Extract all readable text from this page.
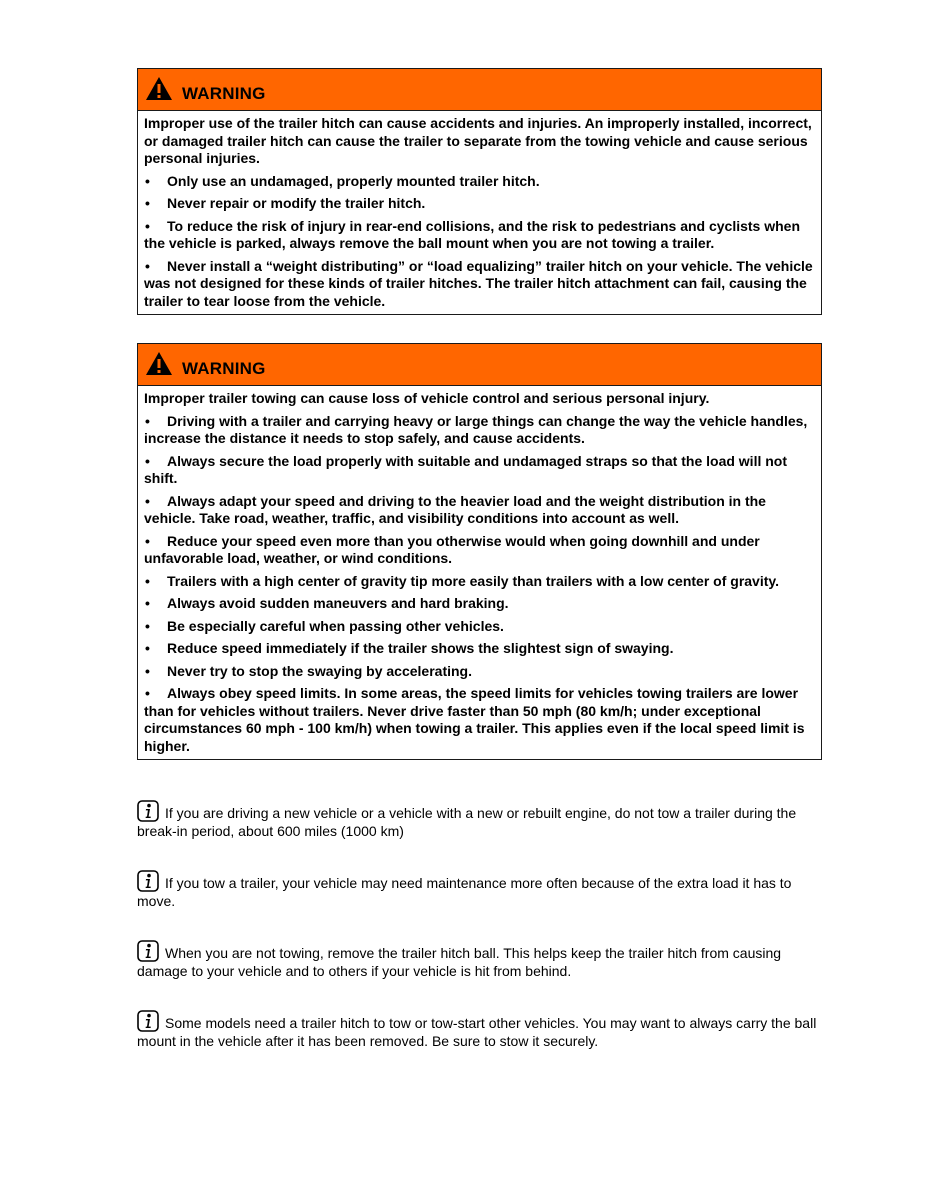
WARNING
Improper use of the trailer hitch can cause accidents and injuries. An improperly installed, incorrect, or damaged trailer hitch can cause the trailer to separate from the towing vehicle and cause serious personal injuries.
• Only use an undamaged, properly mounted trailer hitch.
• Never repair or modify the trailer hitch.
• To reduce the risk of injury in rear-end collisions, and the risk to pedestrians and cyclists when the vehicle is parked, always remove the ball mount when you are not towing a trailer.
• Never install a “weight distributing” or “load equalizing” trailer hitch on your vehicle. The vehicle was not designed for these kinds of trailer hitches. The trailer hitch attachment can fail, causing the trailer to tear loose from the vehicle.
WARNING
Improper trailer towing can cause loss of vehicle control and serious personal injury.
• Driving with a trailer and carrying heavy or large things can change the way the vehicle handles, increase the distance it needs to stop safely, and cause accidents.
• Always secure the load properly with suitable and undamaged straps so that the load will not shift.
• Always adapt your speed and driving to the heavier load and the weight distribution in the vehicle. Take road, weather, traffic, and visibility conditions into account as well.
• Reduce your speed even more than you otherwise would when going downhill and under unfavorable load, weather, or wind conditions.
• Trailers with a high center of gravity tip more easily than trailers with a low center of gravity.
• Always avoid sudden maneuvers and hard braking.
• Be especially careful when passing other vehicles.
• Reduce speed immediately if the trailer shows the slightest sign of swaying.
• Never try to stop the swaying by accelerating.
• Always obey speed limits. In some areas, the speed limits for vehicles towing trailers are lower than for vehicles without trailers. Never drive faster than 50 mph (80 km/h; under exceptional circumstances 60 mph - 100 km/h) when towing a trailer. This applies even if the local speed limit is higher.
If you are driving a new vehicle or a vehicle with a new or rebuilt engine, do not tow a trailer during the break-in period, about 600 miles (1000 km)
If you tow a trailer, your vehicle may need maintenance more often because of the extra load it has to move.
When you are not towing, remove the trailer hitch ball. This helps keep the trailer hitch from causing damage to your vehicle and to others if your vehicle is hit from behind.
Some models need a trailer hitch to tow or tow-start other vehicles. You may want to always carry the ball mount in the vehicle after it has been removed. Be sure to stow it securely.
